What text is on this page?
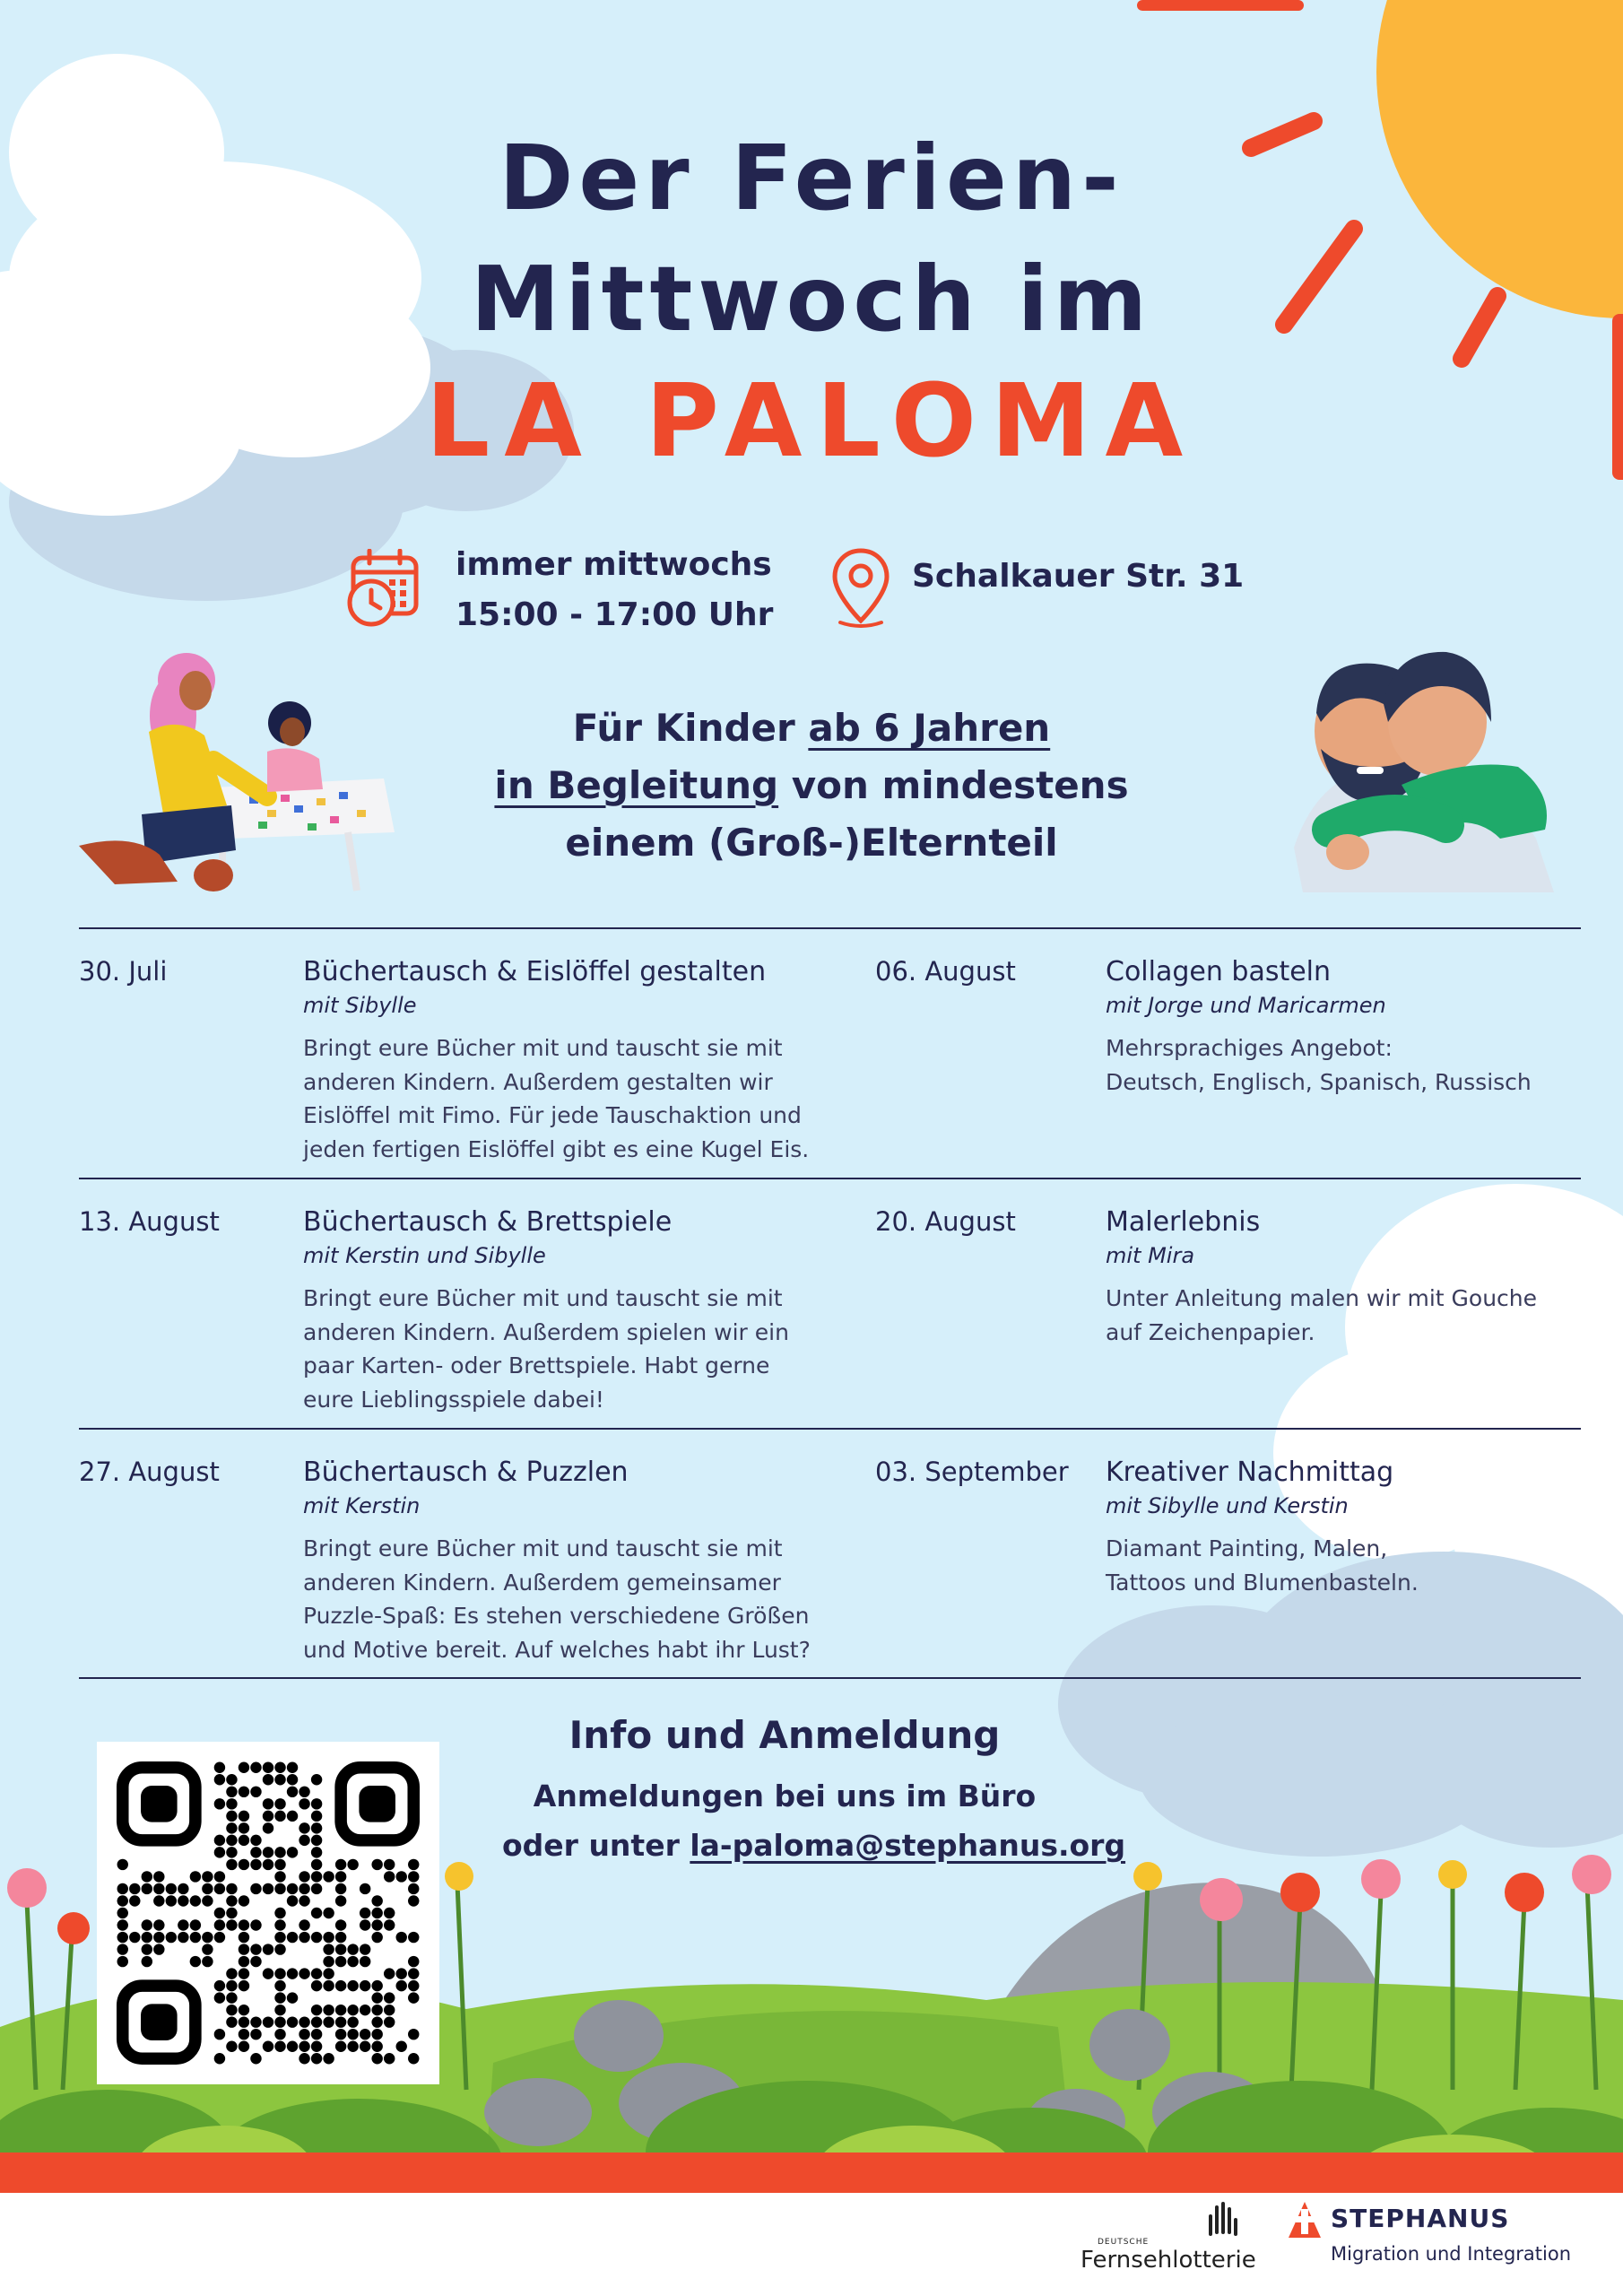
Der Ferien-
Mittwoch im
LA PALOMA
immer mittwochs
15:00 - 17:00 Uhr
Schalkauer Str. 31
Für Kinder ab 6 Jahren
in Begleitung von mindestens
einem (Groß-)Elternteil
30. Juli	Büchertausch & Eislöffel gestalten
mit Sibylle
Bringt eure Bücher mit und tauscht sie mit
anderen Kindern. Außerdem gestalten wir
Eislöffel mit Fimo. Für jede Tauschaktion und
jeden fertigen Eislöffel gibt es eine Kugel Eis.
06. August	Collagen basteln
mit Jorge und Maricarmen
Mehrsprachiges Angebot:
Deutsch, Englisch, Spanisch, Russisch
13. August	Büchertausch & Brettspiele
mit Kerstin und Sibylle
Bringt eure Bücher mit und tauscht sie mit
anderen Kindern. Außerdem spielen wir ein
paar Karten- oder Brettspiele. Habt gerne
eure Lieblingsspiele dabei!
20. August	Malerlebnis
mit Mira
Unter Anleitung malen wir mit Gouche
auf Zeichenpapier.
27. August	Büchertausch & Puzzlen
mit Kerstin
Bringt eure Bücher mit und tauscht sie mit
anderen Kindern. Außerdem gemeinsamer
Puzzle-Spaß: Es stehen verschiedene Größen
und Motive bereit. Auf welches habt ihr Lust?
03. September Kreativer Nachmittag
mit Sibylle und Kerstin
Diamant Painting, Malen,
Tattoos und Blumenbasteln.
Info und Anmeldung
Anmeldungen bei uns im Büro
oder unter la-paloma@stephanus.org
DEUTSCHE
Fernsehlotterie
STEPHANUS
Migration und Integration
